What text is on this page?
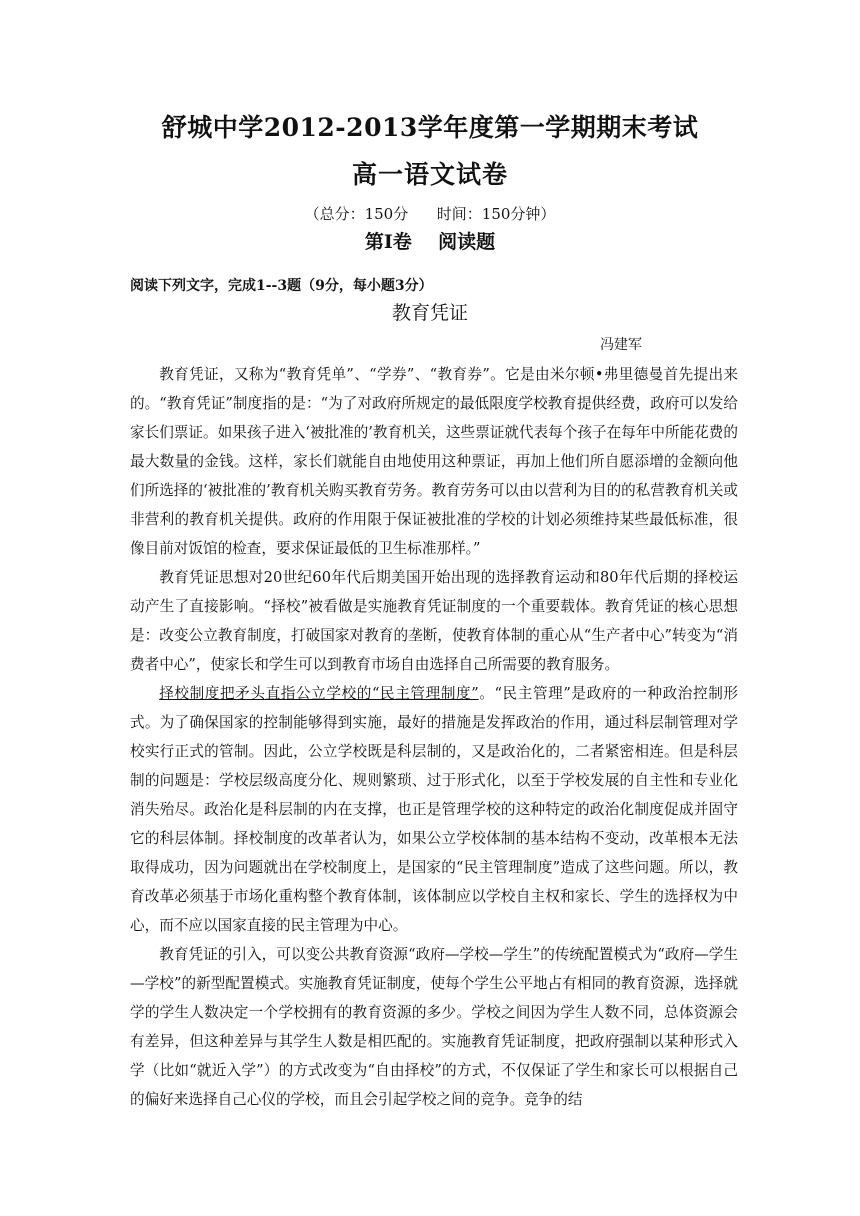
舒城中学2012-2013学年度第一学期期末考试
高一语文试卷
（总分：150分      时间：150分钟）
第Ⅰ卷    阅读题
阅读下列文字，完成1--3题（9分，每小题3分）
教育凭证
冯建军

教育凭证，又称为“教育凭单”、“学券”、“教育券”。它是由米尔顿•弗里德曼首先提出来的。“教育凭证”制度指的是：“为了对政府所规定的最低限度学校教育提供经费，政府可以发给家长们票证。如果孩子进入‘被批准的’教育机关，这些票证就代表每个孩子在每年中所能花费的最大数量的金钱。这样，家长们就能自由地使用这种票证，再加上他们所自愿添增的金额向他们所选择的‘被批准的’教育机关购买教育劳务。教育劳务可以由以营利为目的的私营教育机关或非营利的教育机关提供。政府的作用限于保证被批准的学校的计划必须维持某些最低标准，很像目前对饭馆的检查，要求保证最低的卫生标准那样。”

教育凭证思想对20世纪60年代后期美国开始出现的选择教育运动和80年代后期的择校运动产生了直接影响。“择校”被看做是实施教育凭证制度的一个重要载体。教育凭证的核心思想是：改变公立教育制度，打破国家对教育的垄断，使教育体制的重心从“生产者中心”转变为“消费者中心”，使家长和学生可以到教育市场自由选择自己所需要的教育服务。

择校制度把矛头直指公立学校的“民主管理制度”。“民主管理”是政府的一种政治控制形式。为了确保国家的控制能够得到实施，最好的措施是发挥政治的作用，通过科层制管理对学校实行正式的管制。因此，公立学校既是科层制的，又是政治化的，二者紧密相连。但是科层制的问题是：学校层级高度分化、规则繁琐、过于形式化，以至于学校发展的自主性和专业化消失殆尽。政治化是科层制的内在支撑，也正是管理学校的这种特定的政治化制度促成并固守它的科层体制。择校制度的改革者认为，如果公立学校体制的基本结构不变动，改革根本无法取得成功，因为问题就出在学校制度上，是国家的“民主管理制度”造成了这些问题。所以，教育改革必须基于市场化重构整个教育体制，该体制应以学校自主权和家长、学生的选择权为中心，而不应以国家直接的民主管理为中心。

教育凭证的引入，可以变公共教育资源“政府—学校—学生”的传统配置模式为“政府—学生—学校”的新型配置模式。实施教育凭证制度，使每个学生公平地占有相同的教育资源，选择就学的学生人数决定一个学校拥有的教育资源的多少。学校之间因为学生人数不同，总体资源会有差异，但这种差异与其学生人数是相匹配的。实施教育凭证制度，把政府强制以某种形式入学（比如“就近入学”）的方式改变为“自由择校”的方式，不仅保证了学生和家长可以根据自己的偏好来选择自己心仪的学校，而且会引起学校之间的竞争。竞争的结
